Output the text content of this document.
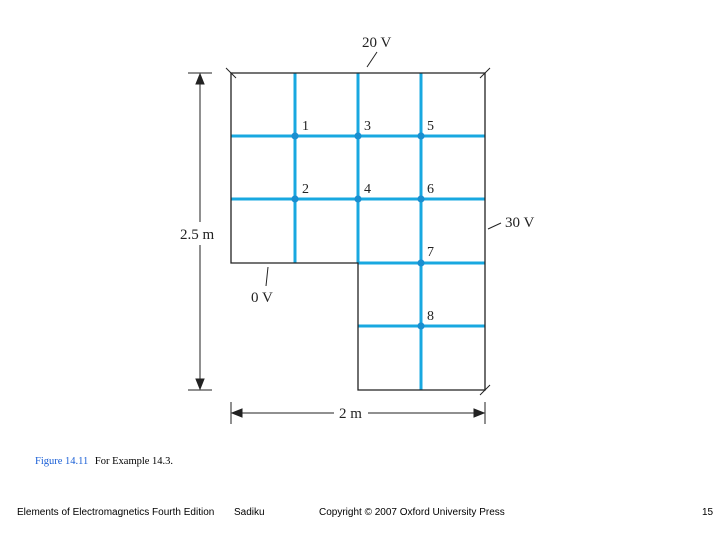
1	3	5
2	4	6
7
8
20 V
30 V
0 V
2.5 m
2 m
Figure 14.11 For Example 14.3.
Elements of Electromagnetics Fourth Edition Sadiku	Copyright © 2007 Oxford University Press	15
